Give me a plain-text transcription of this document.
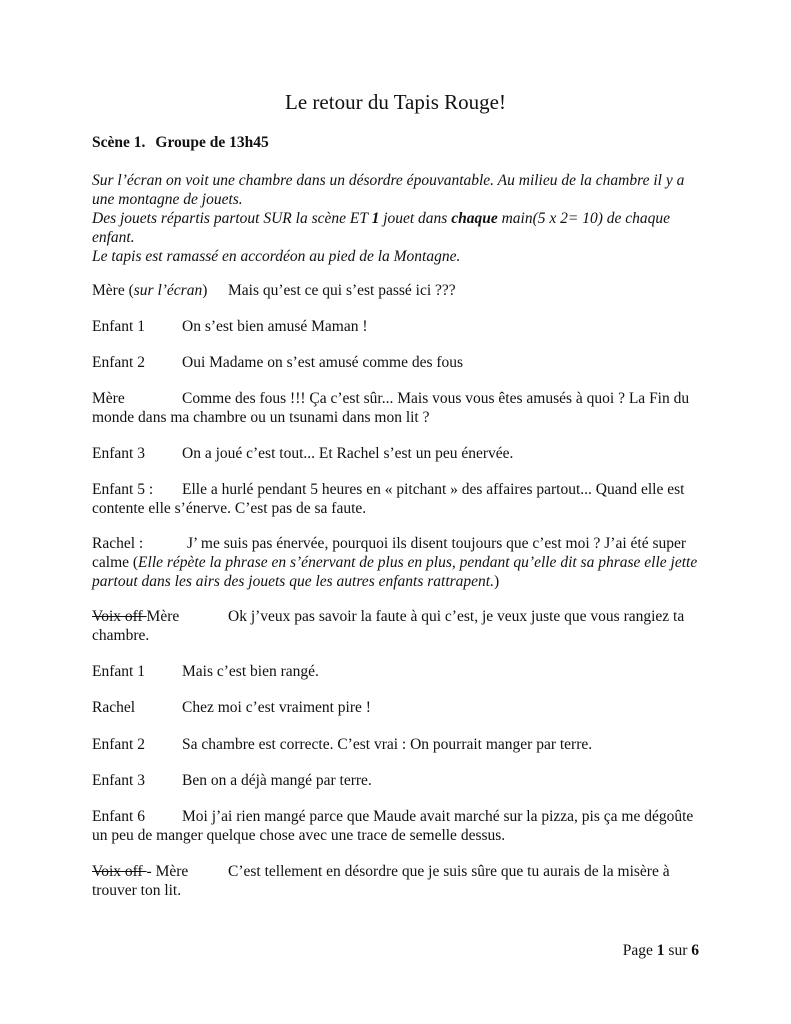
Le retour du Tapis Rouge!
Scène 1. Groupe de 13h45
Sur l’écran on voit une chambre dans un désordre épouvantable. Au milieu de la chambre il y a une montagne de jouets.
Des jouets répartis partout SUR la scène ET 1 jouet dans chaque main(5 x 2= 10) de chaque enfant.
Le tapis est ramassé en accordéon au pied de la Montagne.
Mère (sur l’écran) Mais qu’est ce qui s’est passé ici ???
Enfant 1 On s’est bien amusé Maman !
Enfant 2 Oui Madame on s’est amusé comme des fous
Mère	Comme des fous !!! Ça c’est sûr... Mais vous vous êtes amusés à quoi ? La Fin du monde dans ma chambre ou un tsunami dans mon lit ?
Enfant 3 On a joué c’est tout... Et Rachel s’est un peu énervée.
Enfant 5 : Elle a hurlé pendant 5 heures en « pitchant » des affaires partout... Quand elle est contente elle s’énerve. C’est pas de sa faute.
Rachel :	J’ me suis pas énervée, pourquoi ils disent toujours que c’est moi ? J’ai été super calme (Elle répète la phrase en s’énervant de plus en plus, pendant qu’elle dit sa phrase elle jette partout dans les airs des jouets que les autres enfants rattrapent.)
Voix off Mère	Ok j’veux pas savoir la faute à qui c’est, je veux juste que vous rangiez ta chambre.
Enfant 1 Mais c’est bien rangé.
Rachel	Chez moi c’est vraiment pire !
Enfant 2 Sa chambre est correcte. C’est vrai : On pourrait manger par terre.
Enfant 3 Ben on a déjà mangé par terre.
Enfant 6 Moi j’ai rien mangé parce que Maude avait marché sur la pizza, pis ça me dégoûte un peu de manger quelque chose avec une trace de semelle dessus.
Voix off - Mère	C’est tellement en désordre que je suis sûre que tu aurais de la misère à trouver ton lit.
Page 1 sur 6
